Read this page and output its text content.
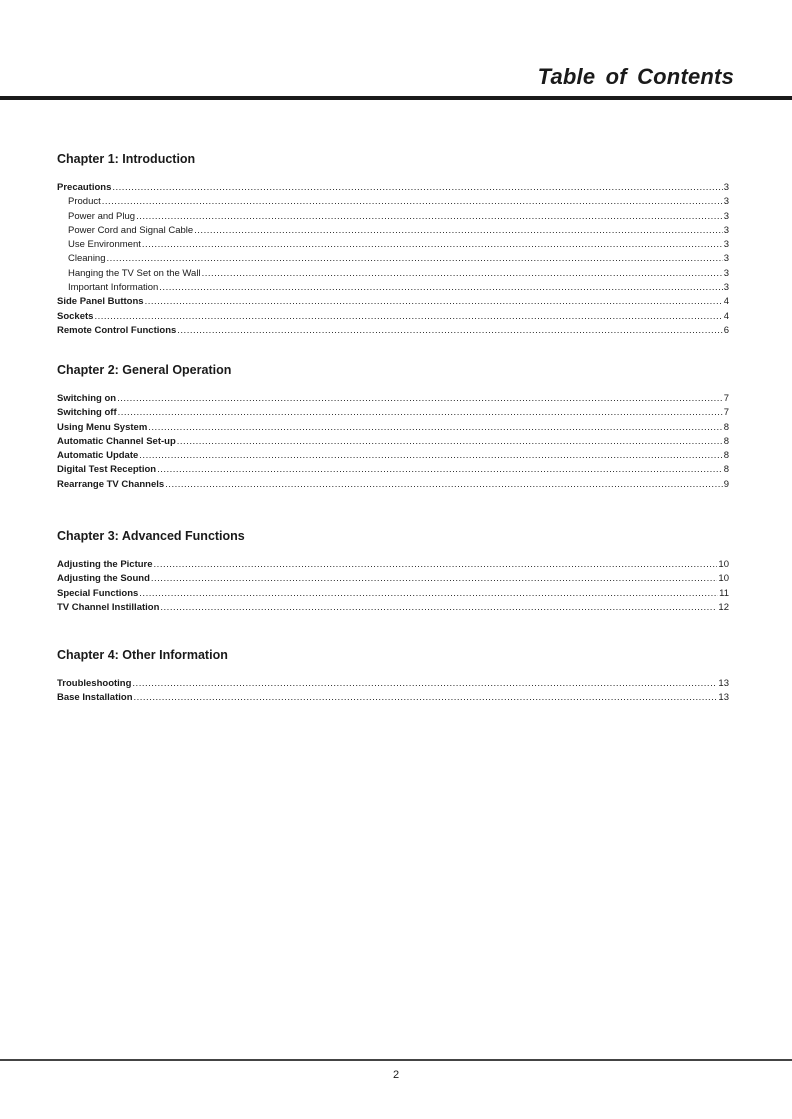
Table of Contents
Chapter 1: Introduction
Precautions .....	3
Product .....	3
Power and Plug .....	3
Power Cord and Signal Cable .....	3
Use Environment .....	3
Cleaning .....	3
Hanging the TV Set on the Wall .....	3
Important Information .....	3
Side Panel Buttons .....	4
Sockets .....	4
Remote Control Functions .....	6
Chapter 2: General Operation
Switching on .....	7
Switching off .....	7
Using Menu System .....	8
Automatic Channel Set-up .....	8
Automatic Update .....	8
Digital Test Reception .....	8
Rearrange TV Channels .....	9
Chapter 3: Advanced Functions
Adjusting the Picture .....	10
Adjusting the Sound .....	10
Special Functions .....	11
TV Channel Instillation .....	12
Chapter 4: Other Information
Troubleshooting .....	13
Base Installation .....	13
2
